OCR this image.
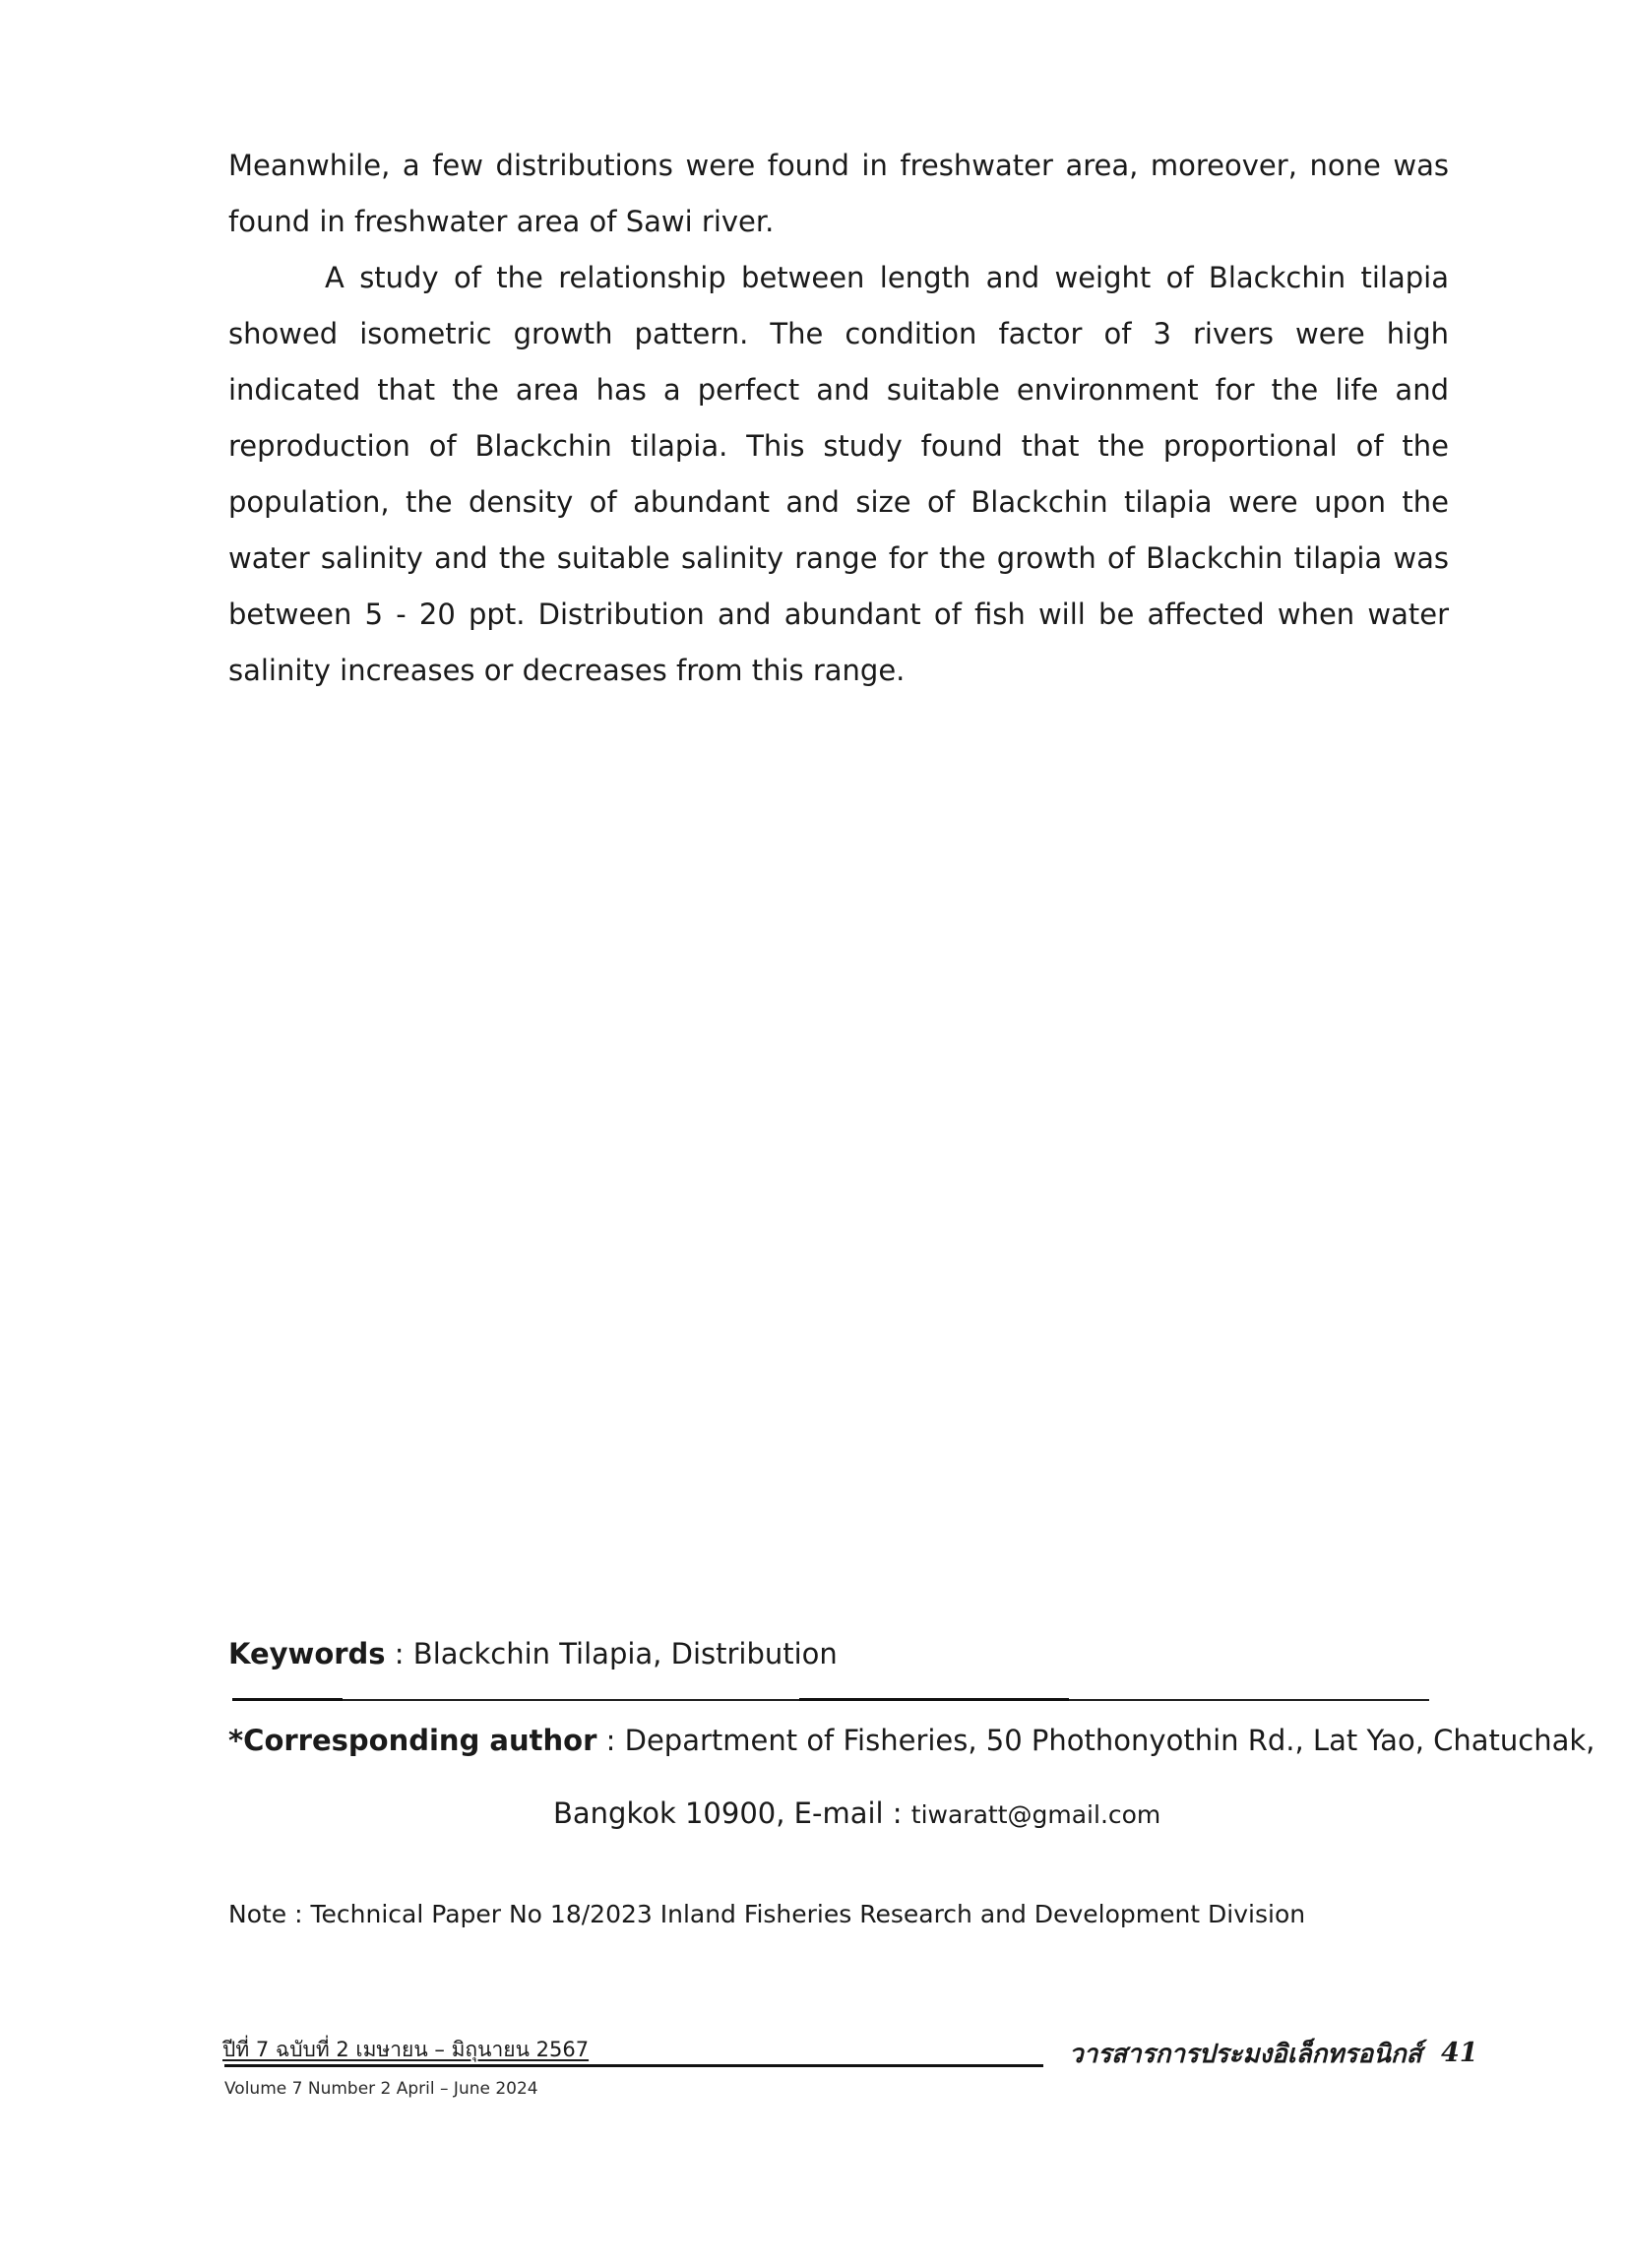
Meanwhile, a few distributions were found in freshwater area, moreover, none was found in freshwater area of Sawi river.

A study of the relationship between length and weight of Blackchin tilapia showed isometric growth pattern. The condition factor of 3 rivers were high indicated that the area has a perfect and suitable environment for the life and reproduction of Blackchin tilapia. This study found that the proportional of the population, the density of abundant and size of Blackchin tilapia were upon the water salinity and the suitable salinity range for the growth of Blackchin tilapia was between 5 - 20 ppt. Distribution and abundant of fish will be affected when water salinity increases or decreases from this range.

Keywords : Blackchin Tilapia, Distribution
*Corresponding author : Department of Fisheries, 50 Phothonyothin Rd., Lat Yao, Chatuchak,
Bangkok 10900, E-mail : tiwaratt@gmail.com
Note : Technical Paper No 18/2023 Inland Fisheries Research and Development Division
ปีที่ 7 ฉบับที่ 2 เมษายน – มิถุนายน 2567	วารสารการประมงอิเล็กทรอนิกส์ 41
Volume 7 Number 2 April – June 2024
